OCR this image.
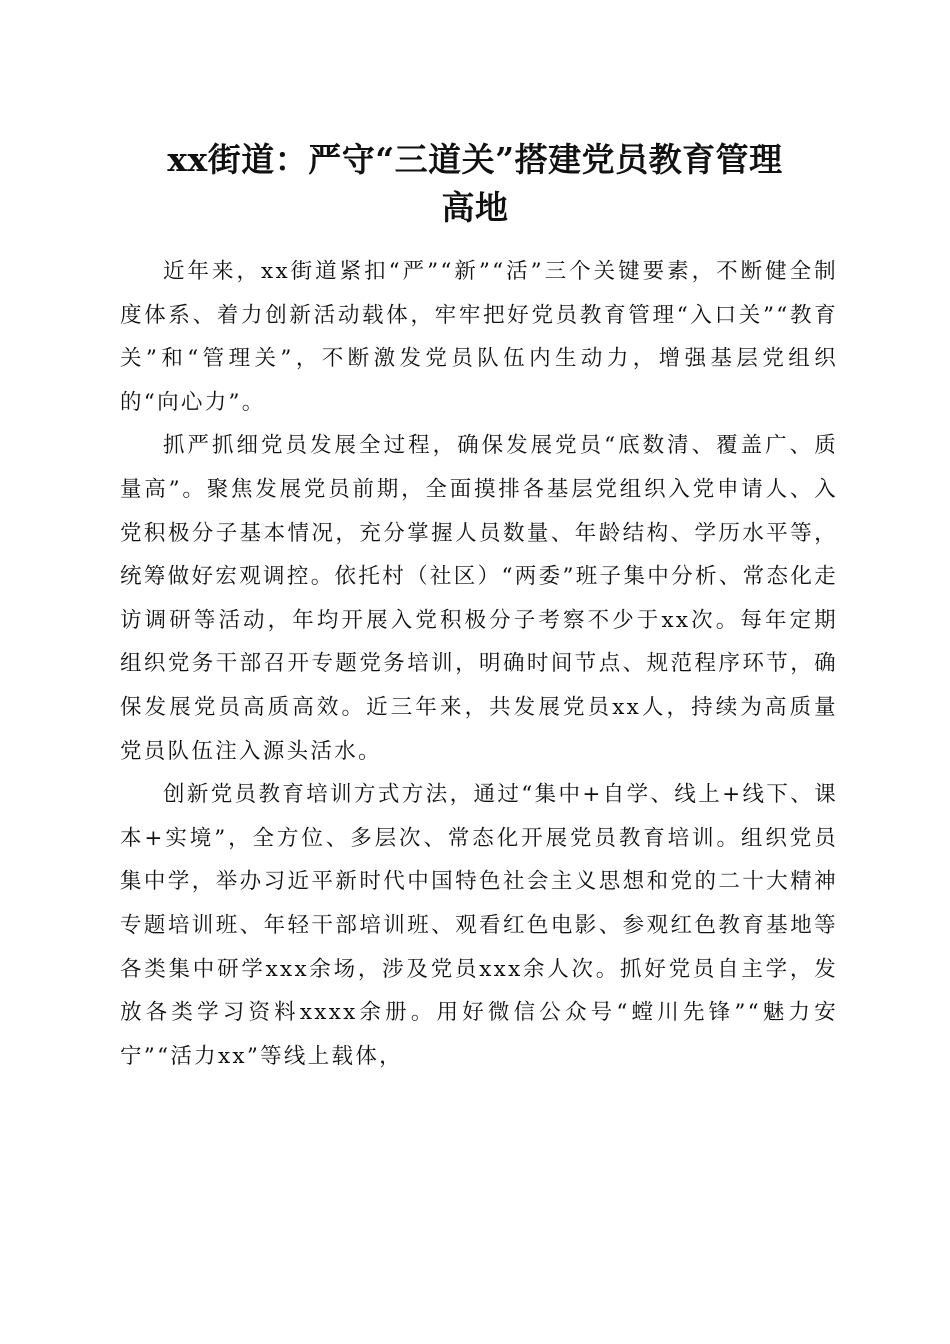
xx街道：严守“三道关”搭建党员教育管理
高地

近年来，xx街道紧扣“严”“新”“活”三个关键要素，不断健全制度体系、着力创新活动载体，牢牢把好党员教育管理“入口关”“教育关”和“管理关”，不断激发党员队伍内生动力，增强基层党组织的“向心力”。

抓严抓细党员发展全过程，确保发展党员“底数清、覆盖广、质量高”。聚焦发展党员前期，全面摸排各基层党组织入党申请人、入党积极分子基本情况，充分掌握人员数量、年龄结构、学历水平等，统筹做好宏观调控。依托村（社区）“两委”班子集中分析、常态化走访调研等活动，年均开展入党积极分子考察不少于xx次。每年定期组织党务干部召开专题党务培训，明确时间节点、规范程序环节，确保发展党员高质高效。近三年来，共发展党员xx人，持续为高质量党员队伍注入源头活水。

创新党员教育培训方式方法，通过“集中+自学、线上+线下、课本+实境”，全方位、多层次、常态化开展党员教育培训。组织党员集中学，举办习近平新时代中国特色社会主义思想和党的二十大精神专题培训班、年轻干部培训班、观看红色电影、参观红色教育基地等各类集中研学xxx余场，涉及党员xxx余人次。抓好党员自主学，发放各类学习资料xxxx余册。用好微信公众号“螳川先锋”“魅力安宁”“活力xx”等线上载体，
